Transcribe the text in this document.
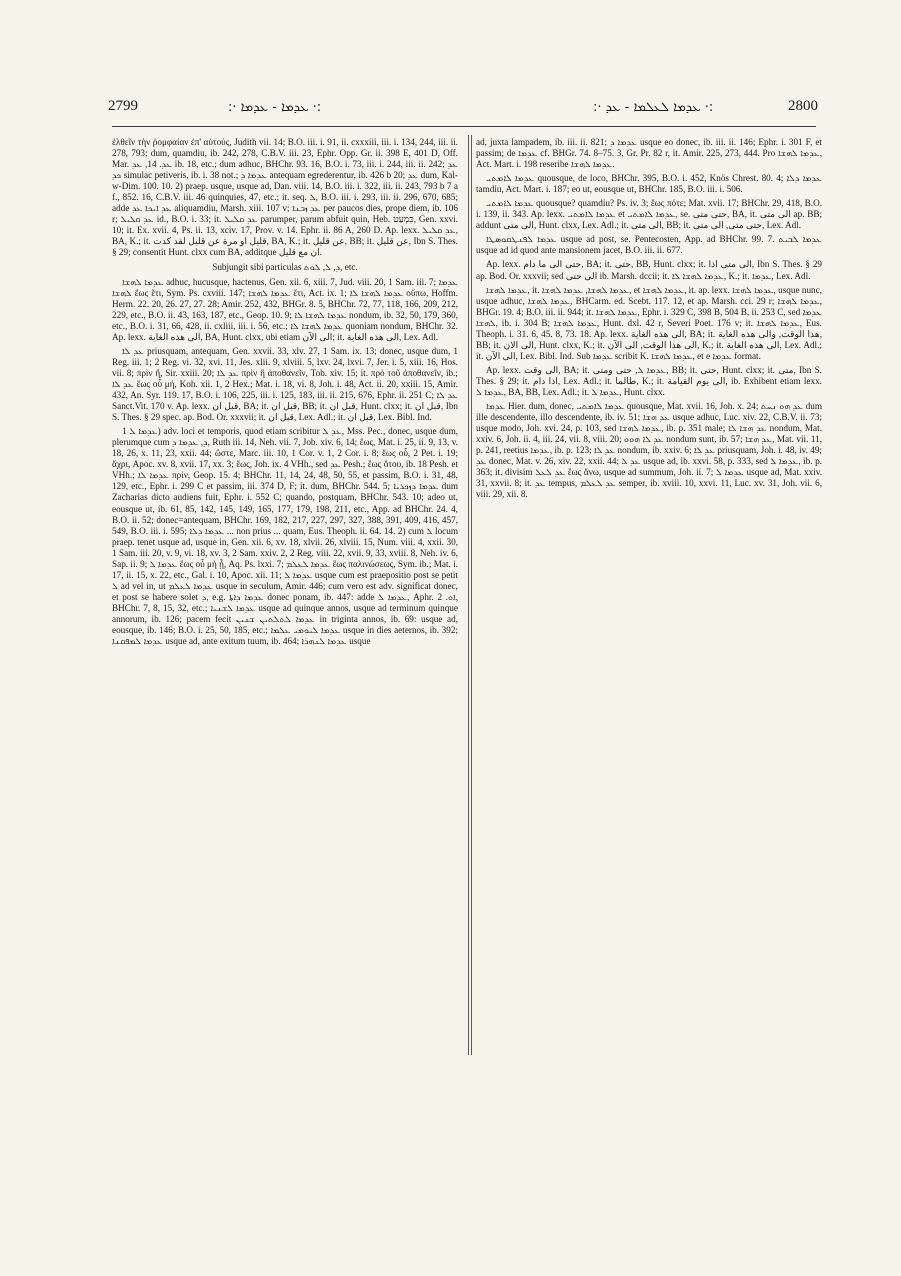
2799	:· ܥܕܡܐ - ܥܕܡܐ ·:	:· ܥܕܡܐ ܠܥܠܡܐ - ܥܕ ·:	2800

ἐλθεῖν τὴν ῥομφαίαν ἐπ' αὐτούς, Judith vii. 14; B.O. iii. i. 91, ii. cxxxiii, iii. i. 134, 244, iii. ii. 278, 793; dum, quamdiu, ib. 242, 278, C.B.V. iii. 23, Ephr. Opp. Gr. ii. 398 E, 401 D, Off. Mar. ܥܕ. 14, ܥܕ ib. 18, etc.; dum adhuc, BHChr. 93. 16, B.O. i. 73, iii. i. 244, iii. ii. 242; ܥܕ ܟܕ simulac petiveris, ib. i. 38 not.; ܥܕܡܐ ܕ antequam egrederentur, ib. 426 b 20; ܥܕ dum, Kal-w-Dim. 100. 10. 2) praep. usque, usque ad, Dan. viii. 14, B.O. iii. i. 322, iii. ii. 243, 793 b 7 a f., 852. 16, C.B.V. iii. 46 quinquies, 47, etc.; it. seq. ܠ, B.O. iii. i. 293, iii. ii. 296, 670, 685; adde ܥܕ ܐܝܟܐ ܥܕ aliquamdiu, Marsh. xiii. 107 v; ܥܕ ܙܒܢܐ per paucos dies, prope diem, ib. 106 r; ܥܕ ܩܠܝܠ id., B.O. i. 33; it. ܥܕ ܩܠܝܠ parumper, parum abfuit quin, Heb. כִּמְעַט, Gen. xxvi. 10; it. Ex. xvii. 4, Ps. ii. 13, xciv. 17, Prov. v. 14. Ephr. ii. 86 A, 260 D. Ap. lexx. ܥܕ ܩܠܝܠ, BA, K.; it. قليل او مرة عن قليل لقد كدت, BA, K.; it. عن قليل, BB; it. عن قليل, Ibn S. Thes. § 29; consentit Hunt. clxx cum BA, additque ان مع قليل.

Subjungit sibi particulas ܕ, ܠ, ܠܘܬ, etc.

ܥܕܡܐ ܠܗܫܐ adhuc, hucusque, hactenus, Gen. xii. 6, xiii. 7, Jud. viii. 20, 1 Sam. iii. 7; ܥܕܡܐ ܠܗܫܐ ἕως ἔτι, Sym. Ps. cxviii. 147; ܥܕܡܐ ܠܗܫܐ ἔτι, Act. ix. 1; ܥܕܡܐ ܠܗܫܐ ܠܐ οὔπω, Hoffm. Herm. 22. 20, 26. 27, 27. 28; Amir. 252, 432, BHGr. 8. 5, BHChr. 72, 77, 118, 166, 209, 212, 229, etc., B.O. ii. 43, 163, 187, etc., Geop. 10. 9; ܥܕܡܐ ܠܗܫܐ ܠܐ nondum, ib. 32, 50, 179, 360, etc., B.O. i. 31, 66, 428, ii. cxliii, iii. i. 56, etc.; ܥܕܡܐ ܠܗܫܐ ܠܐ quoniam nondum, BHChr. 32. Ap. lexx. الى هذه الغاية, BA, Hunt. clxx, ubi etiam الى الآن; it. الى هذه الغاية, Lex. Adl.

ܥܕ ܠܐ priusquam, antequam, Gen. xxvii. 33, xlv. 27, 1 Sam. ix. 13; donec, usque dum, 1 Reg. iii. 1; 2 Reg. vi. 32, xvi. 11, Jes. xlii. 9, xlviii. 5, lxv. 24, lxvi. 7, Jer. i. 5, xiii. 16, Hos. vii. 8; πρὶν ἤ, Sir. xxiii. 20; ܥܕ ܠܐ πρὶν ἢ ἀποθανεῖν, Tob. xiv. 15; it. πρὸ τοῦ ἀποθανεῖν, ib.; ܥܕ ܠܐ ἕως οὗ μή, Koh. xii. 1, 2 Hex.; Mat. i. 18, vi. 8, Joh. i. 48, Act. ii. 20, xxiii. 15, Amir. 432, An. Syr. 119. 17, B.O. i. 106, 225, iii. i. 125, 183, iii. ii. 215, 676, Ephr. ii. 251 C; ܥܕ ܠܐ Sanct.Vit. 170 v. Ap. lexx. قبل ان, BA; it. قبل ان, BB; it. قبل ان, Hunt. clxx; it. قبل ان, Ibn S. Thes. § 29 spec. ap. Bod. Or. xxxvii; it. قبل ان, Lex. Adl.; it. قبل ان, Lex. Bibl. Ind.

ܥܕܡܐ ܠ 1) adv. loci et temporis, quod etiam scribitur ܥܕ ܠ, Mss. Pec., donec, usque dum, plerumque cum ܕ, ܥܕܡܐ ܕ, Ruth iii. 14, Neh. vii. 7, Job. xiv. 6, 14; ἕως, Mat. i. 25, ii. 9, 13, v. 18, 26, x. 11, 23, xxii. 44; ὥστε, Marc. iii. 10, 1 Cor. v. 1, 2 Cor. i. 8; ἕως οὗ, 2 Pet. i. 19; ἄχρι, Apoc. xv. 8, xvii. 17, xx. 3; ἕως, Joh. ix. 4 VHh., sed ܥܕ Pesh.; ἕως ὅτου, ib. 18 Pesh. et VHh.; ܥܕܡܐ ܠܐ πρίν, Geop. 15. 4; BHChr. 11, 14, 24, 48, 50, 55, et passim, B.O. i. 31, 48, 129, etc., Ephr. i. 299 C et passim, iii. 374 D, F; it. dum, BHChr. 544. 5; ܥܕܡܐ ܕܙܟܪܝܐ dum Zacharias dicto audiens fuit, Ephr. i. 552 C; quando, postquam, BHChr. 543. 10; adeo ut, eousque ut, ib. 61, 85, 142, 145, 149, 165, 177, 179, 198, 211, etc., App. ad BHChr. 24. 4, B.O. ii. 52; donec=antequam, BHChr. 169, 182, 217, 227, 297, 327, 388, 391, 409, 416, 457, 549, B.O. iii. i. 595; ܥܕܡܐ ܕܠܐ ... non prius ... quam, Eus. Theoph. ii. 64. 14. 2) cum ܠ locum praep. tenet usque ad, usque in, Gen. xii. 6, xv. 18, xlvii. 26, xlviii. 15, Num. viii. 4, xxii. 30, 1 Sam. iii. 20, v. 9, vi. 18, xv. 3, 2 Sam. xxiv. 2, 2 Reg. viii. 22, xvii. 9, 33, xviii. 8, Neh. iv. 6, Sap. ii. 9; ܥܕܡܐ ܠ ἕως οὗ μὴ ᾖ, Aq. Ps. lxxi. 7; ܥܕܡܐ ܠܥܠܡ ἕως παλινώσεως, Sym. ib.; Mat. i. 17, ii. 15, x. 22, etc., Gal. i. 10, Apoc. xii. 11; ܥܕܡܐ ܠ usque cum est praepositio post se petit ܠ ad vel in, ut ܥܕܡܐ ܠܥܠܡ usque in seculum, Amir. 446; cum vero est adv. significat donec, et post se habere solet ܕ, e.g. ܥܕܡܐ ܕܐܬܐ donec ponam, ib. 447: adde ܥܕܡܐ ܠ, Aphr. ܐܘ. 2, BHChr. 7, 8, 15, 32, etc.; ܥܕܡܐ ܠܫܢܝܐ usque ad quinque annos, usque ad terminum quinque annorum, ib. 126; pacem fecit ܥܕܡܐ ܠܬܠܬܝܢ ܫܢܝܢ in triginta annos, ib. 69: usque ad, eousque, ib. 146; B.O. i. 25, 50, 185, etc.; ܥܕܡܐ ܠܝܘܡܝ ܥܠܡܐ usque in dies aeternos, ib. 392; ܥܕܡܐ ܠܡܦܩܢܐ usque ad, ante exitum tuum, ib. 464; ܥܕܡܐ ܠܢܗܪܐ usque

ad, juxta lampadem, ib. iii. ii. 821; ܥܕܡܐ ܕ usque eo donec, ib. iii. ii. 146; Ephr. i. 301 F, et passim; de ܥܕܡܐ cf. BHGr. 74. 8–75. 3, Gr. Pr. 82 r, it. Amir. 225, 273, 444. Pro ܥܕܡܐ ܠܗܫܐ, Act. Mart. i. 198 reseribe ܥܕܡܐ ܠܗܫܐ.

ܥܕܡܐ ܠܐܡܬܝ quousque, de loco, BHChr. 395, B.O. i. 452, Knös Chrest. 80. 4; ܥܕܡܐ ܕܠܐ tamdiu, Act. Mart. i. 187; eo ut, eousque ut, BHChr. 185, B.O. iii. i. 506.

ܥܕܡܐ ܠܐܡܬܝ quousque? quamdiu? Ps. iv. 3; ἕως πότε; Mat. xvii. 17; BHChr. 29, 418, B.O. i. 139, ii. 343. Ap. lexx. ܥܕܡܐ ܠܐܡܬܝ et ܥܕܡܐ ܠܐܡܬܝ, se. حتى متى, BA, it. الى متى ap. BB; addunt الى متى, Hunt. clxx, Lex. Adl.; it. الى متى, BB; it. حتى متى, الى متى, Lex. Adl.

ܥܕܡܐ ܠܦܢܛܩܘܣܛܐ usque ad post, se. Pentecosten, App. ad BHChr. 99. 7. ܥܕܡܐ ܠܒܝܬ usque ad id quod ante mansionem jacet, B.O. iii. ii. 677.

Ap. lexx. حتى الى ما دام, BA; it. حتى, BB, Hunt. clxx; it. الى متى اذا, Ibn S. Thes. § 29 ap. Bod. Or. xxxvii; sed الى حتى ib. Marsh. dccii; it. ܥܕܡܐ ܠܗܫܐ ܠܐ, K.; it. ܥܕܡܐ, Lex. Adl.

ܥܕܡܐ ܠܗܫܐ, it. ܥܕܡܐ ܠܗܫܐ, ܥܕܡܐ ܠܗܫܐ, et ܥܕܡܐ ܠܗܫܐ, it. ap. lexx. ܥܕܡܐ ܠܗܫܐ, usque nunc, usque adhuc, ܥܕܡܐ ܠܗܫܐ, BHCarm. ed. Scebt. 117. 12, et ap. Marsh. cci. 29 r; ܥܕܡܐ ܠܗܫܐ, BHGr. 19. 4; B.O. iii. ii. 944; it. ܥܕܡܐ ܠܗܫܐ, Ephr. i. 329 C, 398 B, 504 B, ii. 253 C, sed ܥܕܡܐ ܠܗܫܐ, ib. i. 304 B; ܥܕܡܐ ܠܗܫܐ, Hunt. dxl. 42 r, Severi Poet. 176 v; it. ܥܕܡܐ ܠܗܫܐ, Eus. Theoph. i. 31. 6, 45. 8, 73. 18. Ap. lexx. الى هذه الغاية, BA; it. هذا الوقت, والى هذه الغاية, BB; it. الى الان, Hunt. clxx, K.; it. الى هذا الوقت, الى الآن, K.; it. الى هذه الغاية, Lex. Adl.; it. الى الآن, Lex. Bibl. Ind. Sub ܥܕܡܐ scribit K. ܥܕܡܐ ܠܗܫܐ, et e ܥܕܡܐ format.

Ap. lexx. الى وقت, BA; it. ܥܕܡܐ ܠ, حتى ومتى, BB; it. حتى, Hunt. clxx; it. متى, Ibn S. Thes. § 29; it. اذا دام, Lex. Adl.; it. طالما, K.; it. الى يوم القيامة, ib. Exhibent etiam lexx. ܥܕܡܐ ܠ, BA, BB, Lex. Adl.; it. ܥܕܡܐ ܠ, Hunt. clxx.

ܥܕܡܐ Hier. dum, donec, ܥܕܡܐ ܠܐܡܬܝ quousque, Mat. xvii. 16, Joh. x. 24; ܥܕ ܗܘ ܢܚܬ dum ille descendente, illo descendente, ib. iv. 51; ܥܕ ܗܫܐ usque adhuc, Luc. xiv. 22, C.B.V. ii. 73; usque modo, Joh. xvi. 24, p. 103, sed ܥܕܡܐ ܠܗܫܐ, ib. p. 351 male; ܥܕ ܗܫܐ ܠܐ nondum, Mat. xxiv. 6, Joh. ii. 4, iii. 24, vii. 8, viii. 20; ܥܕ ܠܐ ܗܘܘ nondum sunt, ib. 57; ܥܕ ܗܫܐ, Mat. vii. 11, p. 241, reetius ܥܕܡܐ, ib. p. 123; ܥܕ ܠܐ nondum, ib. xxiv. 6; ܥܕ ܠܐ priusquam, Joh. i. 48, iv. 49; ܥܕ donec, Mat. v. 26, xiv. 22, xxii. 44; ܥܕ ܠ usque ad, ib. xxvi. 58, p. 333, sed ܥܕܡܐ ܠ, ib. p. 363; it. divisim ܥܕ ܠܥܠ ἕως ἄνω, usque ad summum, Joh. ii. 7; ܥܕܡܐ ܠ usque ad, Mat. xxiv. 31, xxvii. 8; it. ܥܕ tempus, ܥܕ ܠܥܠܡ semper, ib. xviii. 10, xxvi. 11, Luc. xv. 31, Joh. vii. 6, viii. 29, xii. 8.
